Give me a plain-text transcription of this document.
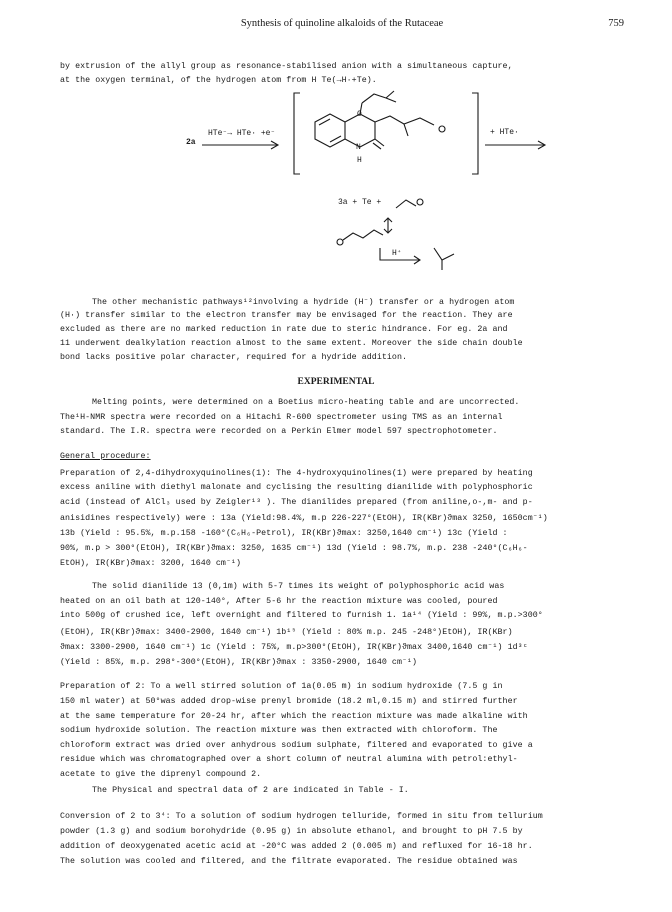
Synthesis of quinoline alkaloids of the Rutaceae	759
by extrusion of the allyl group as resonance-stabilised anion with a simultaneous capture,
at the oxygen terminal, of the hydrogen atom from H Te(→H·+Te).
2a
HTe⁻→ HTe· +e⁻	+ HTe·
O
N
H
3a + Te +
H⁺
The other mechanistic pathways¹²involving a hydride (H⁻) transfer or a hydrogen atom
(H·) transfer similar to the electron transfer may be envisaged for the reaction. They are
excluded as there are no marked reduction in rate due to steric hindrance. For eg. 2a and
11 underwent dealkylation reaction almost to the same extent. Moreover the side chain double
bond lacks positive polar character, required for a hydride addition.
EXPERIMENTAL
Melting points, were determined on a Boetius micro-heating table and are uncorrected.
The¹H-NMR spectra were recorded on a Hitachi R-600 spectrometer using TMS as an internal
standard. The I.R. spectra were recorded on a Perkin Elmer model 597 spectrophotometer.
General procedure:
Preparation of 2,4-dihydroxyquinolines(1): The 4-hydroxyquinolines(1) were prepared by heating
excess aniline with diethyl malonate and cyclising the resulting dianilide with polyphosphoric
acid (instead of AlCl₃ used by Zeigler¹³ ). The dianilides prepared (from aniline,o-,m- and p-
anisidines respectively) were : 13a (Yield:98.4%, m.p 226-227°(EtOH), IR(KBr)ϑmax 3250, 1650cm⁻¹)
13b (Yield : 95.5%, m.p.158 -160°(C₆H₆-Petrol), IR(KBr)ϑmax: 3250,1640 cm⁻¹) 13c (Yield :
90%, m.p > 300°(EtOH), IR(KBr)ϑmax: 3250, 1635 cm⁻¹) 13d (Yield : 98.7%, m.p. 238 -240°(C₆H₆-
EtOH), IR(KBr)ϑmax: 3200, 1640 cm⁻¹)
The solid dianilide 13 (0,1m) with 5-7 times its weight of polyphosphoric acid was
heated on an oil bath at 120-140°, After 5-6 hr the reaction mixture was cooled, poured
into 500g of crushed ice, left overnight and filtered to furnish 1. 1a¹⁴ (Yield : 99%, m.p.>300°
(EtOH), IR(KBr)ϑmax: 3400-2900, 1640 cm⁻¹) 1b¹⁵ (Yield : 80% m.p. 245 -248°)EtOH), IR(KBr)
ϑmax: 3300-2900, 1640 cm⁻¹) 1c (Yield : 75%, m.p>300°(EtOH), IR(KBr)ϑmax 3400,1640 cm⁻¹) 1d³ᶜ
(Yield : 85%, m.p. 298°-300°(EtOH), IR(KBr)ϑmax : 3350-2900, 1640 cm⁻¹)
Preparation of 2: To a well stirred solution of 1a(0.05 m) in sodium hydroxide (7.5 g in
150 ml water) at 50°was added drop-wise prenyl bromide (18.2 ml,0.15 m) and stirred further
at the same temperature for 20-24 hr, after which the reaction mixture was made alkaline with
sodium hydroxide solution. The reaction mixture was then extracted with chloroform. The
chloroform extract was dried over anhydrous sodium sulphate, filtered and evaporated to give a
residue which was chromatographed over a short column of neutral alumina with petrol:ethyl-
acetate to give the diprenyl compound 2.
The Physical and spectral data of 2 are indicated in Table - I.
Conversion of 2 to 3⁴: To a solution of sodium hydrogen telluride, formed in situ from tellurium
powder (1.3 g) and sodium borohydride (0.95 g) in absolute ethanol, and brought to pH 7.5 by
addition of deoxygenated acetic acid at -20°C was added 2 (0.005 m) and refluxed for 16-18 hr.
The solution was cooled and filtered, and the filtrate evaporated. The residue obtained was
